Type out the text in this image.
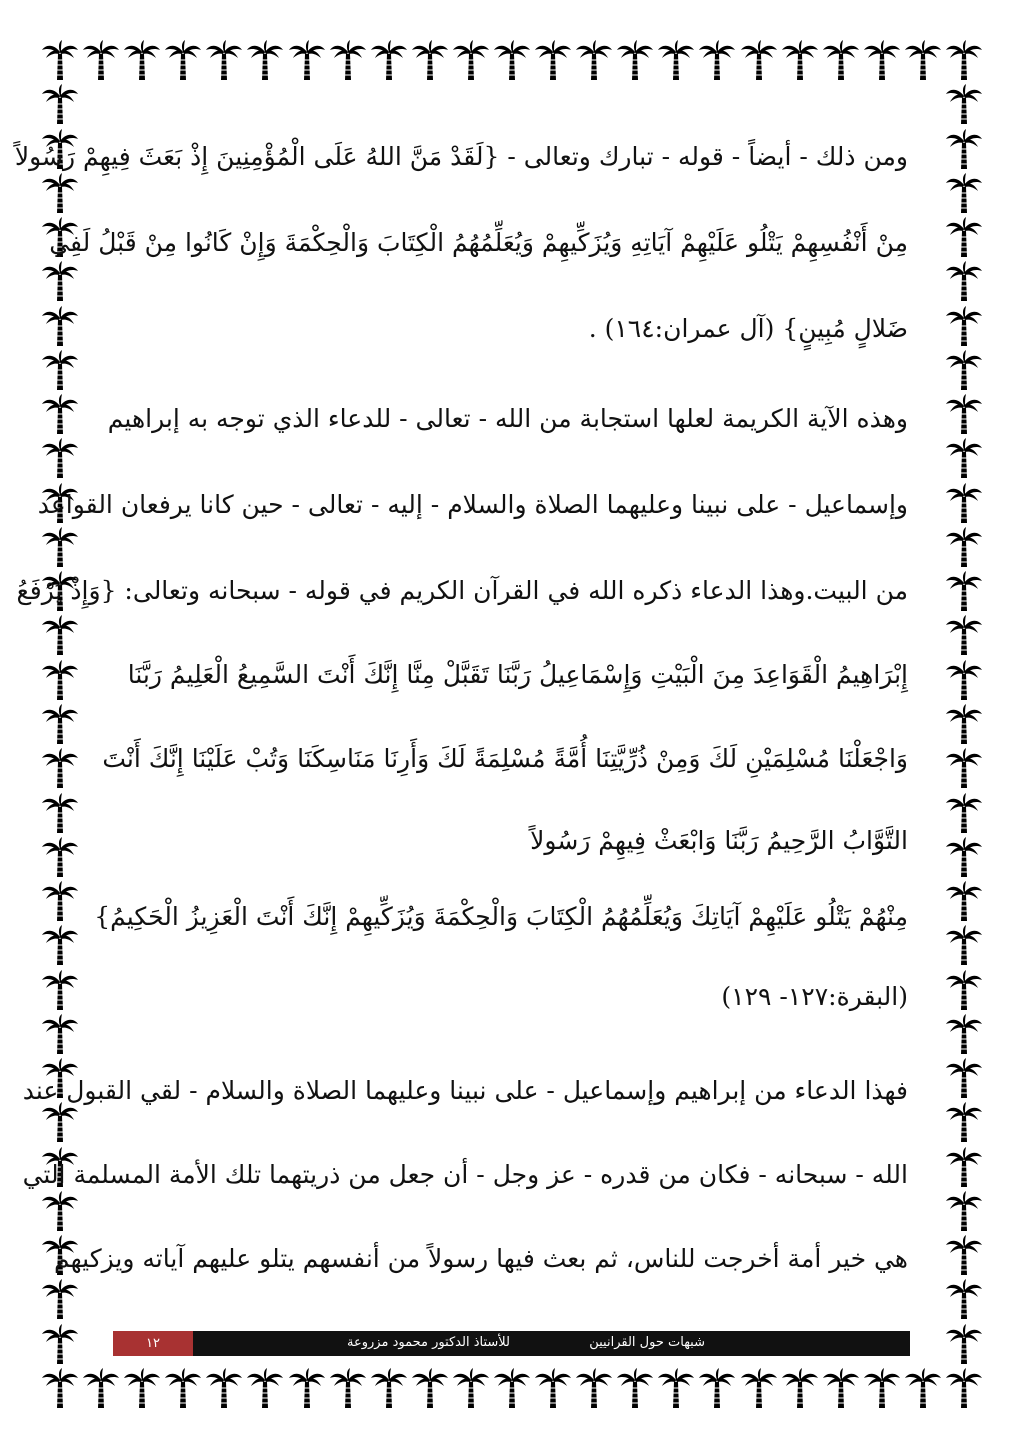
ومن ذلك - أيضاً - قوله - تبارك وتعالى - {لَقَدْ مَنَّ اللهُ عَلَى الْمُؤْمِنِينَ إِذْ بَعَثَ فِيهِمْ رَسُولاً
مِنْ أَنْفُسِهِمْ يَتْلُو عَلَيْهِمْ آيَاتِهِ وَيُزَكِّيهِمْ وَيُعَلِّمُهُمُ الْكِتَابَ وَالْحِكْمَةَ وَإِنْ كَانُوا مِنْ قَبْلُ لَفِي
ضَلالٍ مُبِينٍ} (آل عمران:١٦٤) .
وهذه الآية الكريمة لعلها استجابة من الله - تعالى - للدعاء الذي توجه به إبراهيم
وإسماعيل - على نبينا وعليهما الصلاة والسلام - إليه - تعالى - حين كانا يرفعان القواعد
من البيت.وهذا الدعاء ذكره الله في القرآن الكريم في قوله - سبحانه وتعالى: {وَإِذْ يَرْفَعُ
إِبْرَاهِيمُ الْقَوَاعِدَ مِنَ الْبَيْتِ وَإِسْمَاعِيلُ رَبَّنَا تَقَبَّلْ مِنَّا إِنَّكَ أَنْتَ السَّمِيعُ الْعَلِيمُ رَبَّنَا
وَاجْعَلْنَا مُسْلِمَيْنِ لَكَ وَمِنْ ذُرِّيَّتِنَا أُمَّةً مُسْلِمَةً لَكَ وَأَرِنَا مَنَاسِكَنَا وَتُبْ عَلَيْنَا إِنَّكَ أَنْتَ
التَّوَّابُ الرَّحِيمُ رَبَّنَا وَابْعَثْ فِيهِمْ رَسُولاً
مِنْهُمْ يَتْلُو عَلَيْهِمْ آيَاتِكَ وَيُعَلِّمُهُمُ الْكِتَابَ وَالْحِكْمَةَ وَيُزَكِّيهِمْ إِنَّكَ أَنْتَ الْعَزِيزُ الْحَكِيمُ}
(البقرة:١٢٧- ١٢٩)
فهذا الدعاء من إبراهيم وإسماعيل - على نبينا وعليهما الصلاة والسلام - لقي القبول عند
الله - سبحانه - فكان من قدره - عز وجل - أن جعل من ذريتهما تلك الأمة المسلمة التي
هي خير أمة أخرجت للناس، ثم بعث فيها رسولاً من أنفسهم يتلو عليهم آياته ويزكيهم
شبهات حول القرانيين
للأستاذ الدكتور محمود مزروعة
١٢
